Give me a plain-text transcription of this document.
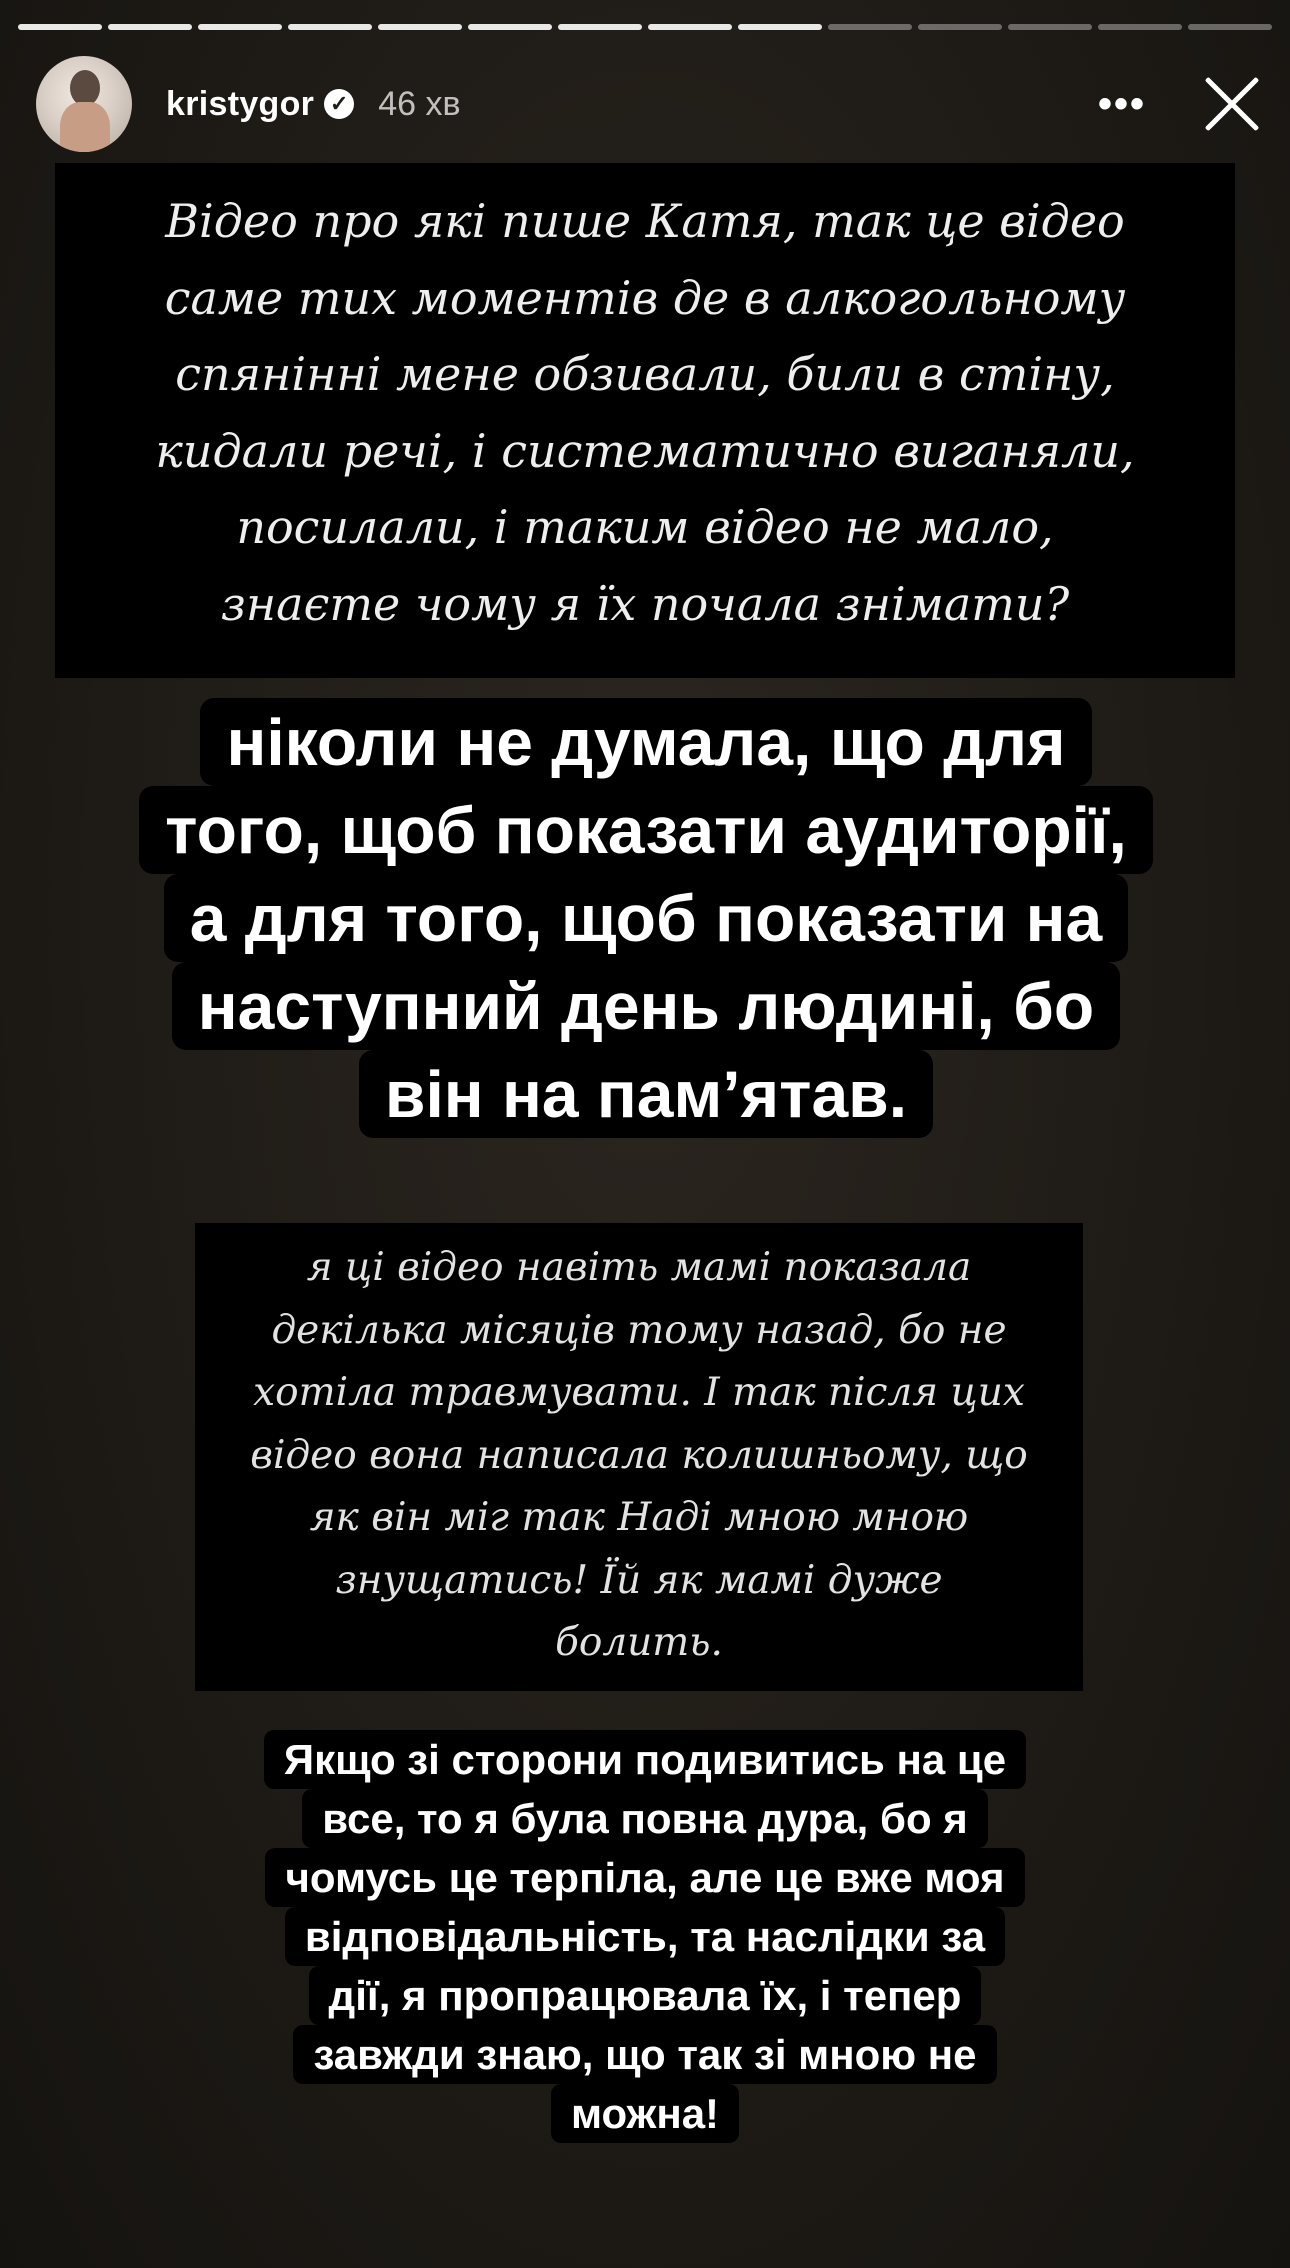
kristygor ✓ 46 хв	•••
Відео про які пише Катя, так це відео
саме тих моментів де в алкогольному
спянінні мене обзивали, били в стіну,
кидали речі, і систематично виганяли,
посилали, і таким відео не мало,
знаєте чому я їх почала знімати?
ніколи не думала, що для
того, щоб показати аудиторії,
а для того, щоб показати на
наступний день людині, бо
він на пам’ятав.
я ці відео навіть мамі показала
декілька місяців тому назад, бо не
хотіла травмувати. І так після цих
відео вона написала колишньому, що
як він міг так Наді мною мною
знущатись! Їй як мамі дуже
болить.
Якщо зі сторони подивитись на це
все, то я була повна дура, бо я
чомусь це терпіла, але це вже моя
відповідальність, та наслідки за
дії, я пропрацювала їх, і тепер
завжди знаю, що так зі мною не
можна!
